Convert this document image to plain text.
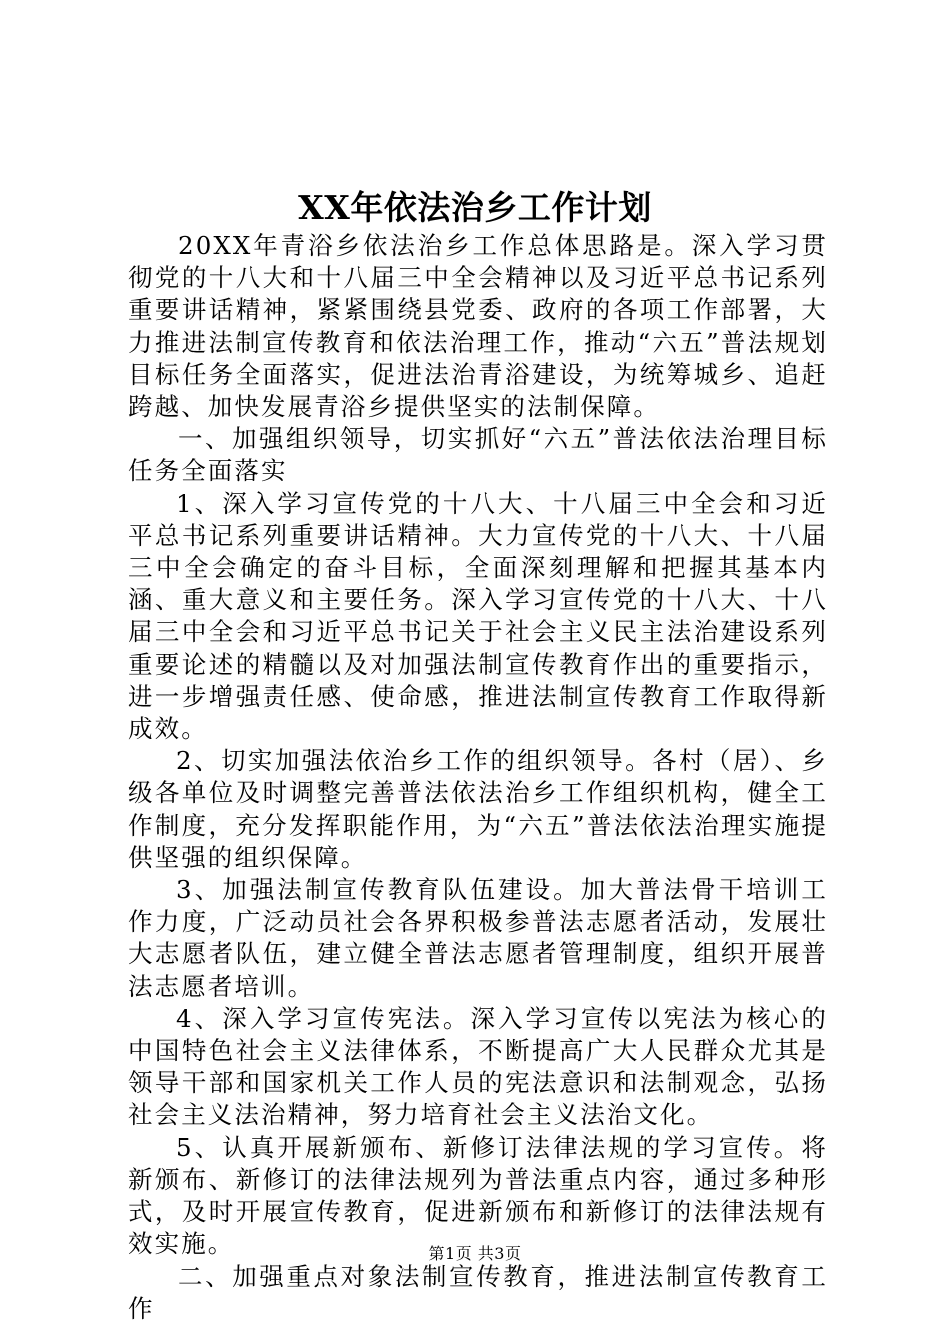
XX年依法治乡工作计划

20XX年青浴乡依法治乡工作总体思路是。深入学习贯彻党的十八大和十八届三中全会精神以及习近平总书记系列重要讲话精神，紧紧围绕县党委、政府的各项工作部署，大力推进法制宣传教育和依法治理工作，推动“六五”普法规划目标任务全面落实，促进法治青浴建设，为统筹城乡、追赶跨越、加快发展青浴乡提供坚实的法制保障。

一、加强组织领导，切实抓好“六五”普法依法治理目标任务全面落实

1、深入学习宣传党的十八大、十八届三中全会和习近平总书记系列重要讲话精神。大力宣传党的十八大、十八届三中全会确定的奋斗目标，全面深刻理解和把握其基本内涵、重大意义和主要任务。深入学习宣传党的十八大、十八届三中全会和习近平总书记关于社会主义民主法治建设系列重要论述的精髓以及对加强法制宣传教育作出的重要指示，进一步增强责任感、使命感，推进法制宣传教育工作取得新成效。

2、切实加强法依治乡工作的组织领导。各村（居）、乡级各单位及时调整完善普法依法治乡工作组织机构，健全工作制度，充分发挥职能作用，为“六五”普法依法治理实施提供坚强的组织保障。

3、加强法制宣传教育队伍建设。加大普法骨干培训工作力度，广泛动员社会各界积极参普法志愿者活动，发展壮大志愿者队伍，建立健全普法志愿者管理制度，组织开展普法志愿者培训。

4、深入学习宣传宪法。深入学习宣传以宪法为核心的中国特色社会主义法律体系，不断提高广大人民群众尤其是领导干部和国家机关工作人员的宪法意识和法制观念，弘扬社会主义法治精神，努力培育社会主义法治文化。

5、认真开展新颁布、新修订法律法规的学习宣传。将新颁布、新修订的法律法规列为普法重点内容，通过多种形式，及时开展宣传教育，促进新颁布和新修订的法律法规有效实施。

二、加强重点对象法制宣传教育，推进法制宣传教育工作

第1页 共3页
